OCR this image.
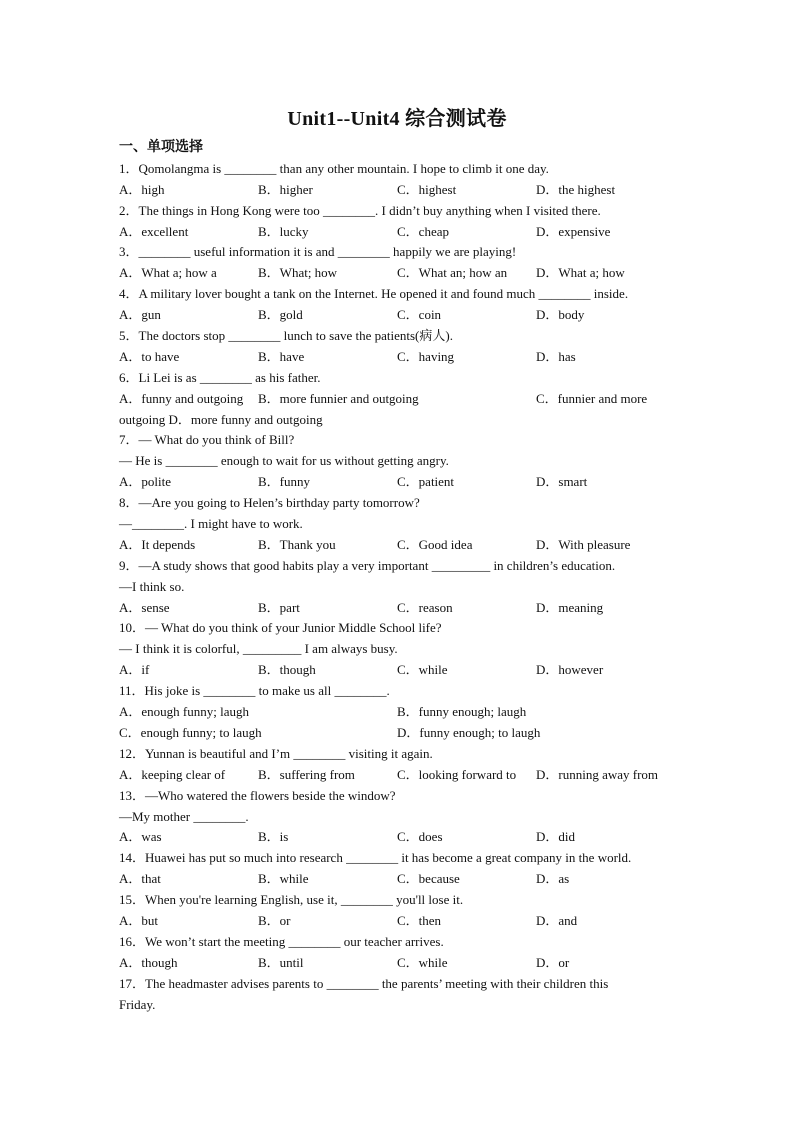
Unit1--Unit4 综合测试卷
一、单项选择
1．Qomolangma is ________ than any other mountain. I hope to climb it one day.
A．high	B．higher	C．highest	D．the highest
2．The things in Hong Kong were too ________. I didn’t buy anything when I visited there.
A．excellent	B．lucky	C．cheap	D．expensive
3．________ useful information it is and ________ happily we are playing!
A．What a; how a	B．What; how	C．What an; how an D．What a; how
4．A military lover bought a tank on the Internet. He opened it and found much ________ inside.
A．gun	B．gold	C．coin	D．body
5．The doctors stop ________ lunch to save the patients(病人).
A．to have	B．have	C．having	D．has
6．Li Lei is as ________ as his father.
A．funny and outgoing B．more funnier and outgoing	C．funnier and more
outgoing D．more funny and outgoing
7．— What do you think of Bill?
— He is ________ enough to wait for us without getting angry.
A．polite	B．funny	C．patient	D．smart
8．—Are you going to Helen’s birthday party tomorrow?
—________. I might have to work.
A．It depends	B．Thank you	C．Good idea	D．With pleasure
9．—A study shows that good habits play a very important _________ in children’s education.
—I think so.
A．sense	B．part	C．reason	D．meaning
10．— What do you think of your Junior Middle School life?
— I think it is colorful, _________ I am always busy.
A．if	B．though	C．while	D．however
11．His joke is ________ to make us all ________.
A．enough funny; laugh	B．funny enough; laugh
C．enough funny; to laugh	D．funny enough; to laugh
12．Yunnan is beautiful and I’m ________ visiting it again.
A．keeping clear of	B．suffering from	C．looking forward to D．running away from
13．—Who watered the flowers beside the window?
—My mother ________.
A．was	B．is	C．does	D．did
14．Huawei has put so much into research ________ it has become a great company in the world.
A．that	B．while	C．because	D．as
15．When you're learning English, use it, ________ you'll lose it.
A．but	B．or	C．then	D．and
16．We won’t start the meeting ________ our teacher arrives.
A．though	B．until	C．while	D．or
17．The headmaster advises parents to ________ the parents’ meeting with their children this
Friday.
